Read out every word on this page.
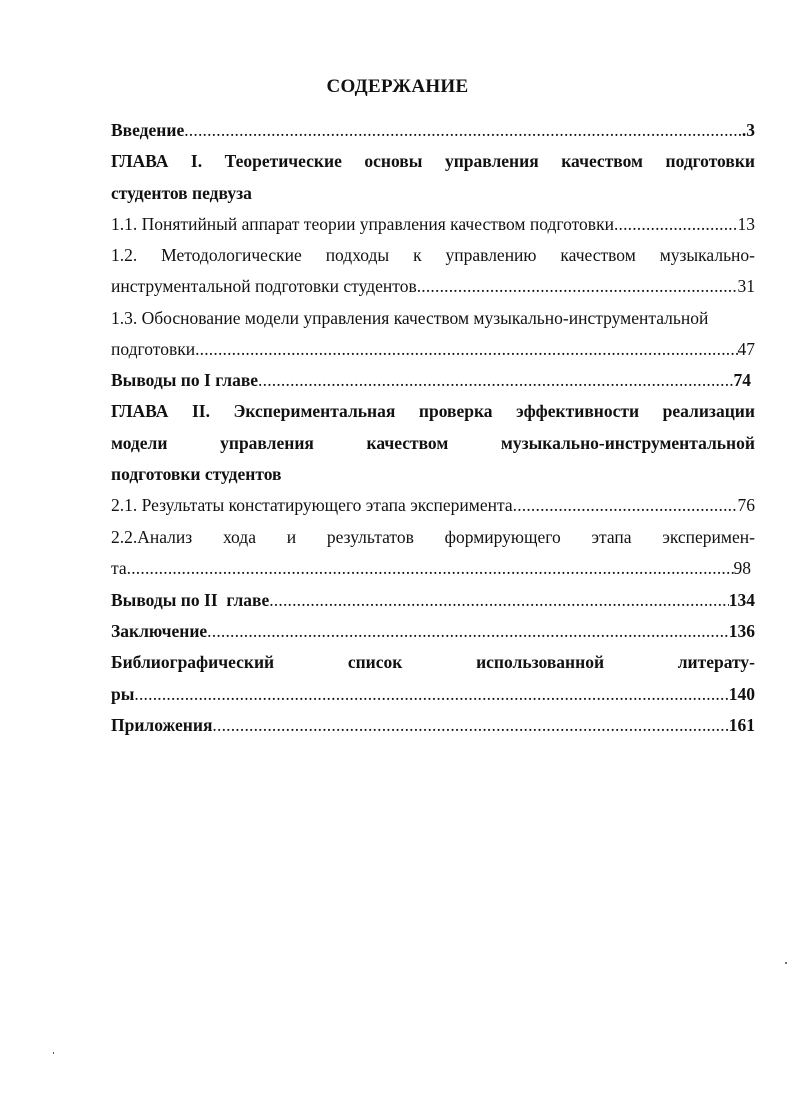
СОДЕРЖАНИЕ
Введение .....	.3
ГЛАВА I. Теоретические основы управления качеством подготовки
студентов педвуза
1.1. Понятийный аппарат теории управления качеством подготовки .....	13
1.2. Методологические подходы к управлению качеством музыкально-
инструментальной подготовки студентов .....	31
1.3. Обоснование модели управления качеством музыкально-инструментальной
подготовки .....	47
Выводы по I главе .....	74
ГЛАВА II. Экспериментальная проверка эффективности реализации
модели	управления	качеством	музыкально-инструментальной
подготовки студентов
2.1. Результаты констатирующего этапа эксперимента .....	76
2.2.Анализ хода и результатов формирующего этапа эксперимен-
та .....	98
Выводы по II  главе .....	134
Заключение .....	136
Библиографический	список	использованной	литерату-
ры .....	140
Приложения .....	161
